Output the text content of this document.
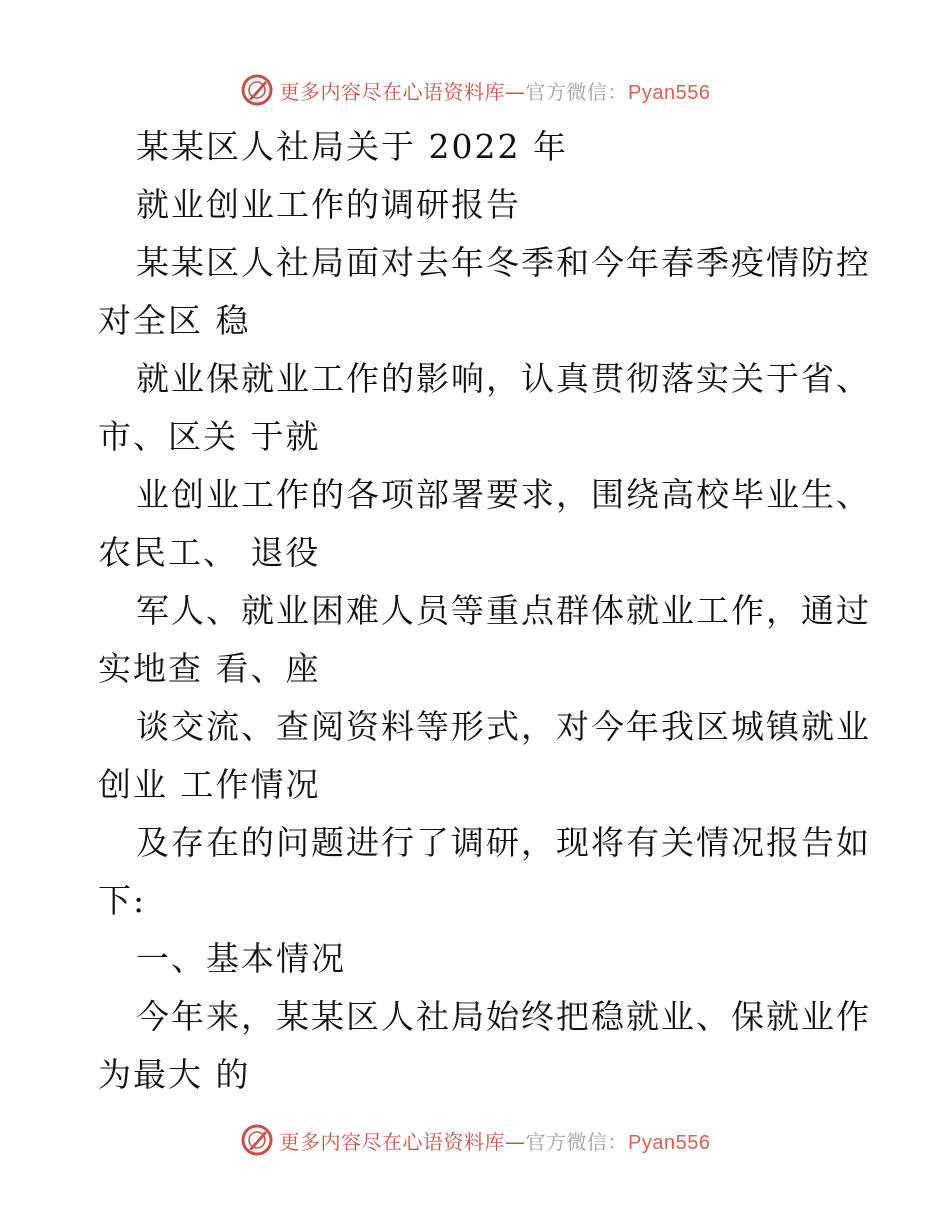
更多内容尽在心语资料库—官方微信：Pyan556
某某区人社局关于 2022 年
就业创业工作的调研报告
某某区人社局面对去年冬季和今年春季疫情防控
对全区 稳
就业保就业工作的影响，认真贯彻落实关于省、
市、区关 于就
业创业工作的各项部署要求，围绕高校毕业生、
农民工、 退役
军人、就业困难人员等重点群体就业工作，通过
实地查 看、座
谈交流、查阅资料等形式，对今年我区城镇就业
创业 工作情况
及存在的问题进行了调研，现将有关情况报告如
下:
一、基本情况
今年来，某某区人社局始终把稳就业、保就业作
为最大 的
更多内容尽在心语资料库—官方微信：Pyan556
